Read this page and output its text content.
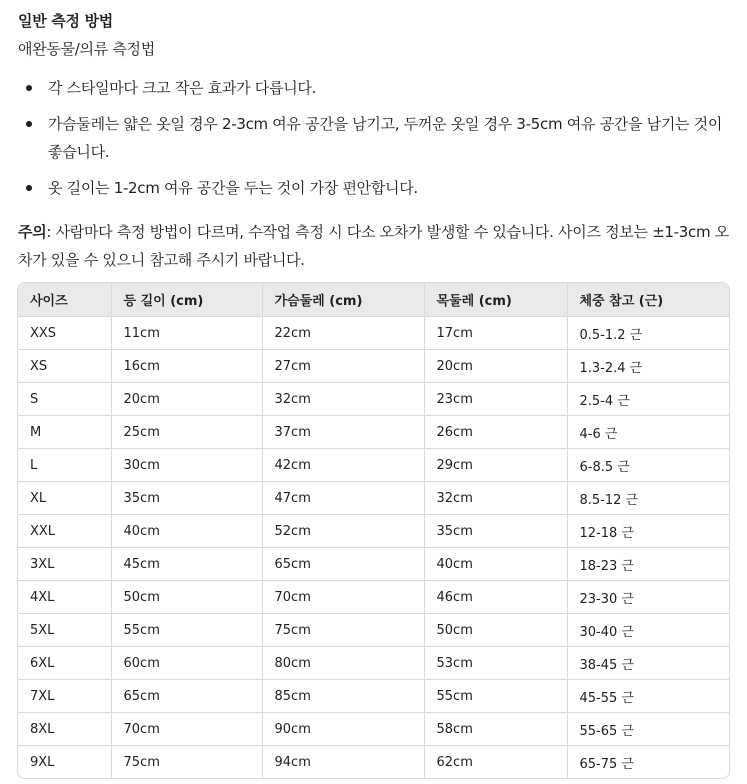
일반 측정 방법
애완동물/의류 측정법
각 스타일마다 크고 작은 효과가 다릅니다.
가슴둘레는 얇은 옷일 경우 2-3cm 여유 공간을 남기고, 두꺼운 옷일 경우 3-5cm 여유 공간을 남기는 것이 좋습니다.
옷 길이는 1-2cm 여유 공간을 두는 것이 가장 편안합니다.
주의: 사람마다 측정 방법이 다르며, 수작업 측정 시 다소 오차가 발생할 수 있습니다. 사이즈 정보는 ±1-3cm 오차가 있을 수 있으니 참고해 주시기 바랍니다.
사이즈	등 길이 (cm)	가슴둘레 (cm)	목둘레 (cm)	체중 참고 (근)
XXS	11cm	22cm	17cm	0.5-1.2 근
XS	16cm	27cm	20cm	1.3-2.4 근
S	20cm	32cm	23cm	2.5-4 근
M	25cm	37cm	26cm	4-6 근
L	30cm	42cm	29cm	6-8.5 근
XL	35cm	47cm	32cm	8.5-12 근
XXL	40cm	52cm	35cm	12-18 근
3XL	45cm	65cm	40cm	18-23 근
4XL	50cm	70cm	46cm	23-30 근
5XL	55cm	75cm	50cm	30-40 근
6XL	60cm	80cm	53cm	38-45 근
7XL	65cm	85cm	55cm	45-55 근
8XL	70cm	90cm	58cm	55-65 근
9XL	75cm	94cm	62cm	65-75 근
